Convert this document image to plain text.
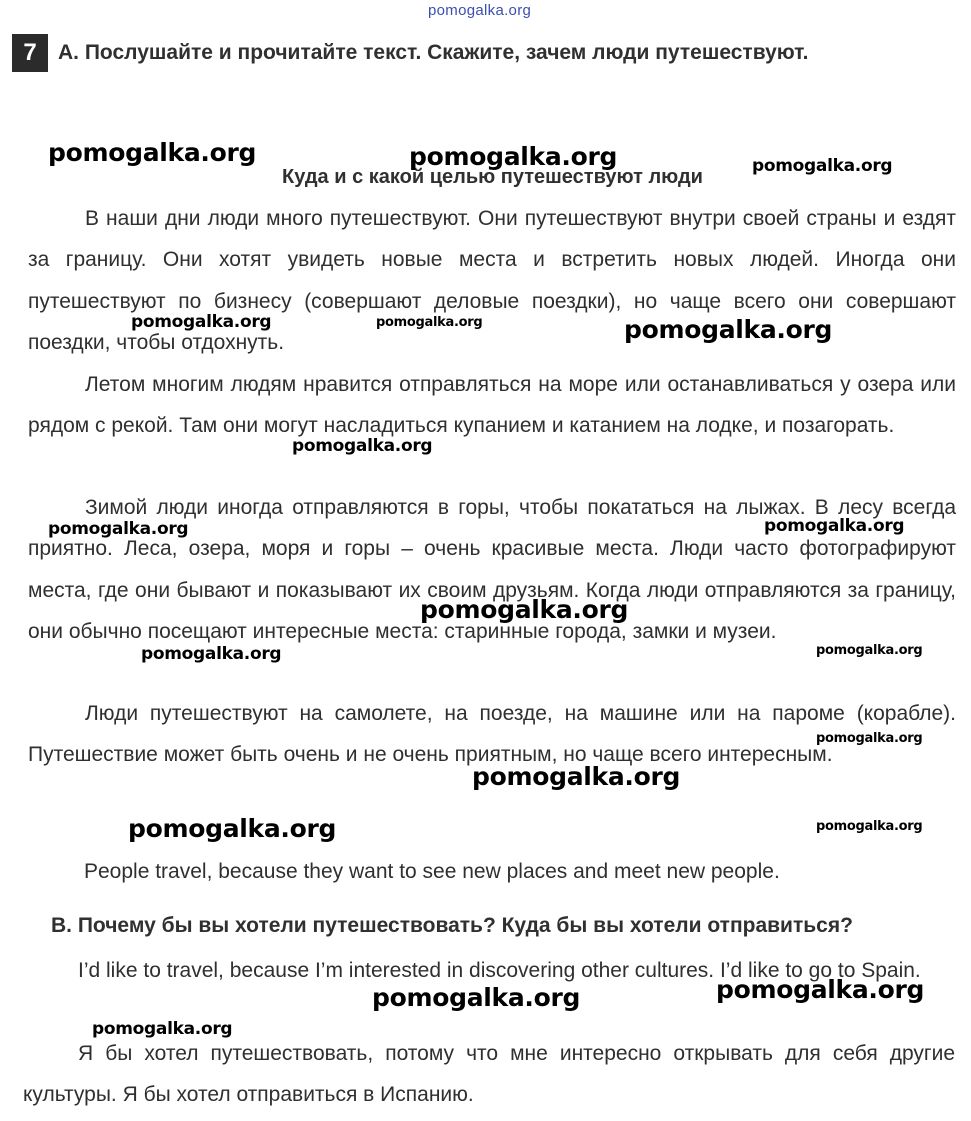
pomogalka.org
7	A. Послушайте и прочитайте текст. Скажите, зачем люди путешествуют.
Куда и с какой целью путешествуют люди

В наши дни люди много путешествуют. Они путешествуют внутри своей страны и ездят за границу. Они хотят увидеть новые места и встретить новых людей. Иногда они путешествуют по бизнесу (совершают деловые поездки), но чаще всего они совершают поездки, чтобы отдохнуть.

Летом многим людям нравится отправляться на море или останавливаться у озера или рядом с рекой. Там они могут насладиться купанием и катанием на лодке, и позагорать.

Зимой люди иногда отправляются в горы, чтобы покататься на лыжах. В лесу всегда приятно. Леса, озера, моря и горы – очень красивые места. Люди часто фотографируют места, где они бывают и показывают их своим друзьям. Когда люди отправляются за границу, они обычно посещают интересные места: старинные города, замки и музеи.

Люди путешествуют на самолете, на поезде, на машине или на пароме (корабле). Путешествие может быть очень и не очень приятным, но чаще всего интересным.

People travel, because they want to see new places and meet new people.
B. Почему бы вы хотели путешествовать? Куда бы вы хотели отправиться?

I’d like to travel, because I’m interested in discovering other cultures. I’d like to go to Spain.

Я бы хотел путешествовать, потому что мне интересно открывать для себя другие культуры. Я бы хотел отправиться в Испанию.

pomogalka.org	pomogalka.org	pomogalka.org
pomogalka.org	pomogalka.org	pomogalka.org
pomogalka.org
pomogalka.org	pomogalka.org
pomogalka.org
pomogalka.org	pomogalka.org
pomogalka.org
pomogalka.org
pomogalka.org	pomogalka.org
pomogalka.org	pomogalka.org
pomogalka.org
